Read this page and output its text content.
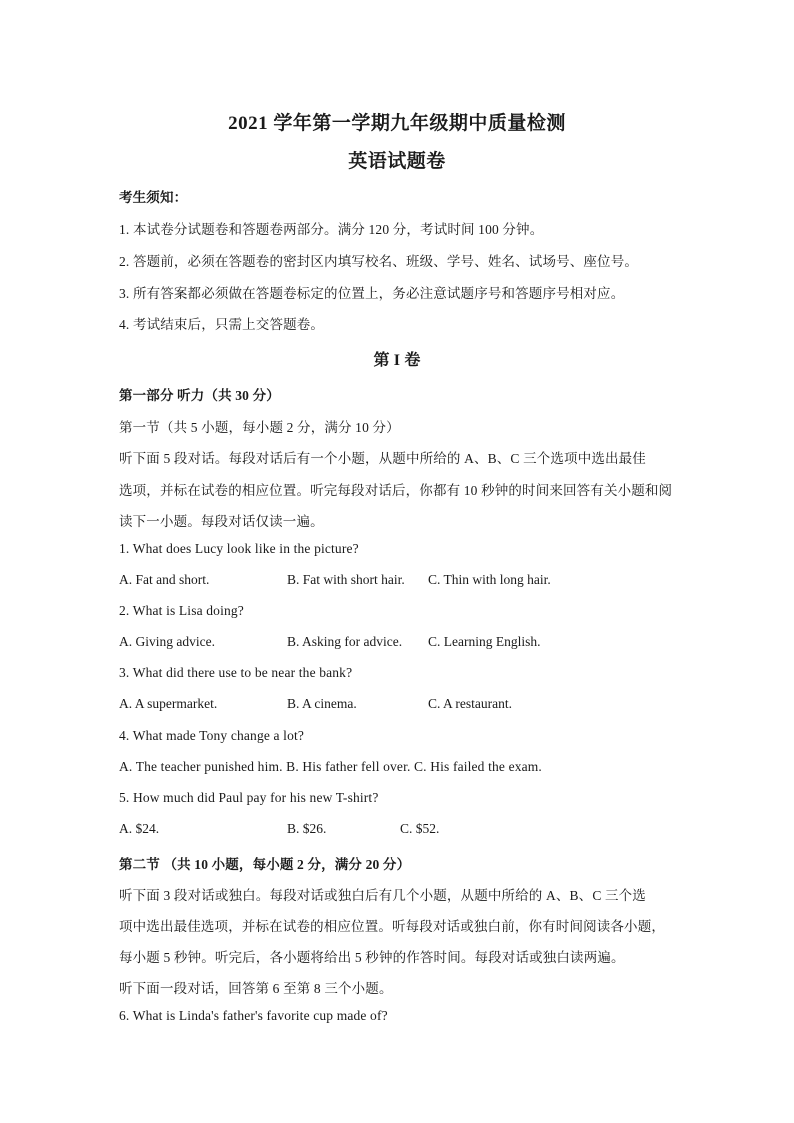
2021 学年第一学期九年级期中质量检测
英语试题卷
考生须知：
1. 本试卷分试题卷和答题卷两部分。满分 120 分，考试时间 100 分钟。
2. 答题前，必须在答题卷的密封区内填写校名、班级、学号、姓名、试场号、座位号。
3. 所有答案都必须做在答题卷标定的位置上，务必注意试题序号和答题序号相对应。
4. 考试结束后，只需上交答题卷。
第 I 卷
第一部分 听力（共 30 分）
第一节（共 5 小题，每小题 2 分，满分 10 分）
听下面 5 段对话。每段对话后有一个小题，从题中所给的 A、B、C 三个选项中选出最佳
选项，并标在试卷的相应位置。听完每段对话后，你都有 10 秒钟的时间来回答有关小题和阅
读下一小题。每段对话仅读一遍。
1. What does Lucy look like in the picture?
A. Fat and short.	B. Fat with short hair. C. Thin with long hair.
2. What is Lisa doing?
A. Giving advice.	B. Asking for advice. C. Learning English.
3. What did there use to be near the bank?
A. A supermarket.	B. A cinema.	C. A restaurant.
4. What made Tony change a lot?
A. The teacher punished him. B. His father fell over. C. His failed the exam.
5. How much did Paul pay for his new T-shirt?
A. $24.	B. $26.	C. $52.
第二节 （共 10 小题，每小题 2 分，满分 20 分）
听下面 3 段对话或独白。每段对话或独白后有几个小题，从题中所给的 A、B、C 三个选
项中选出最佳选项，并标在试卷的相应位置。听每段对话或独白前，你有时间阅读各小题，
每小题 5 秒钟。听完后，各小题将给出 5 秒钟的作答时间。每段对话或独白读两遍。
听下面一段对话，回答第 6 至第 8 三个小题。
6. What is Linda's father's favorite cup made of?
